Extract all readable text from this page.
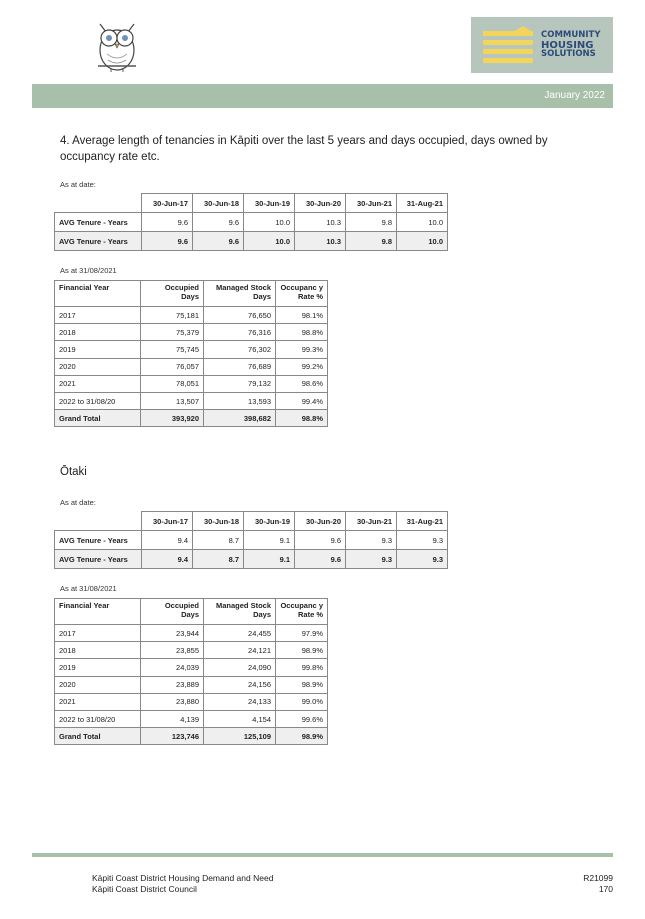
COMMUNITY
HOUSING
SOLUTIONS
January 2022
4. Average length of tenancies in Kāpiti over the last 5 years and days occupied, days owned by occupancy rate etc.
As at date:
	30-Jun-17	30-Jun-18	30-Jun-19	30-Jun-20	30-Jun-21	31-Aug-21
AVG Tenure - Years	9.6	9.6	10.0	10.3	9.8	10.0
AVG Tenure - Years	9.6	9.6	10.0	10.3	9.8	10.0
As at 31/08/2021
Financial Year	Occupied Days	Managed Stock Days	Occupanc y Rate %
2017	75,181	76,650	98.1%
2018	75,379	76,316	98.8%
2019	75,745	76,302	99.3%
2020	76,057	76,689	99.2%
2021	78,051	79,132	98.6%
2022 to 31/08/20	13,507	13,593	99.4%
Grand Total	393,920	398,682	98.8%
Ōtaki
As at date:
	30-Jun-17	30-Jun-18	30-Jun-19	30-Jun-20	30-Jun-21	31-Aug-21
AVG Tenure - Years	9.4	8.7	9.1	9.6	9.3	9.3
AVG Tenure - Years	9.4	8.7	9.1	9.6	9.3	9.3
As at 31/08/2021
Financial Year	Occupied Days	Managed Stock Days	Occupanc y Rate %
2017	23,944	24,455	97.9%
2018	23,855	24,121	98.9%
2019	24,039	24,090	99.8%
2020	23,889	24,156	98.9%
2021	23,880	24,133	99.0%
2022 to 31/08/20	4,139	4,154	99.6%
Grand Total	123,746	125,109	98.9%
Kāpiti Coast District Housing Demand and Need
Kāpiti Coast District Council
R21099
170
